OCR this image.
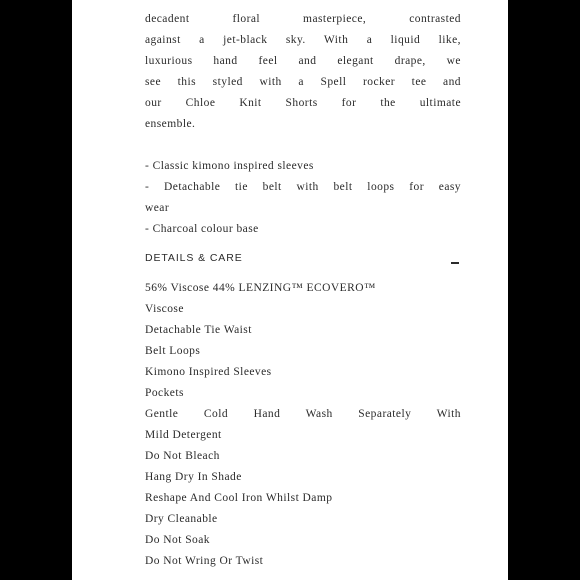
decadent floral masterpiece, contrasted
against a jet-black sky. With a liquid like,
luxurious hand feel and elegant drape, we
see this styled with a Spell rocker tee and
our Chloe Knit Shorts for the ultimate
ensemble.
- Classic kimono inspired sleeves
- Detachable tie belt with belt loops for easy
wear
- Charcoal colour base
DETAILS & CARE
56% Viscose 44% LENZING™ ECOVERO™
Viscose
Detachable Tie Waist
Belt Loops
Kimono Inspired Sleeves
Pockets
Gentle Cold Hand Wash Separately With
Mild Detergent
Do Not Bleach
Hang Dry In Shade
Reshape And Cool Iron Whilst Damp
Dry Cleanable
Do Not Soak
Do Not Wring Or Twist
